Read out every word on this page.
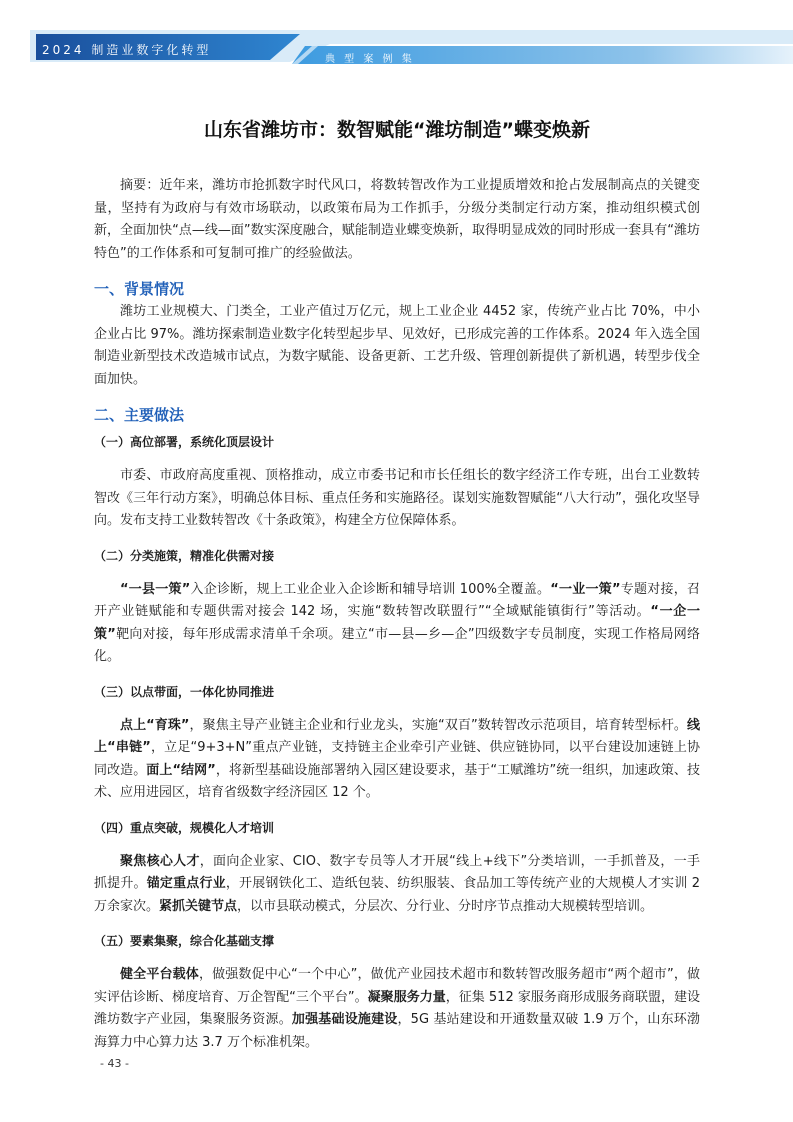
2024 制造业数字化转型
典 型 案 例 集
山东省潍坊市：数智赋能“潍坊制造”蝶变焕新

摘要：近年来，潍坊市抢抓数字时代风口，将数转智改作为工业提质增效和抢占发展制高点的关键变量，坚持有为政府与有效市场联动，以政策布局为工作抓手，分级分类制定行动方案，推动组织模式创新，全面加快“点—线—面”数实深度融合，赋能制造业蝶变焕新，取得明显成效的同时形成一套具有“潍坊特色”的工作体系和可复制可推广的经验做法。

一、背景情况

潍坊工业规模大、门类全，工业产值过万亿元，规上工业企业 4452 家，传统产业占比 70%，中小企业占比 97%。潍坊探索制造业数字化转型起步早、见效好，已形成完善的工作体系。2024 年入选全国制造业新型技术改造城市试点，为数字赋能、设备更新、工艺升级、管理创新提供了新机遇，转型步伐全面加快。

二、主要做法
（一）高位部署，系统化顶层设计

市委、市政府高度重视、顶格推动，成立市委书记和市长任组长的数字经济工作专班，出台工业数转智改《三年行动方案》，明确总体目标、重点任务和实施路径。谋划实施数智赋能“八大行动”，强化攻坚导向。发布支持工业数转智改《十条政策》，构建全方位保障体系。

（二）分类施策，精准化供需对接

“一县一策”入企诊断，规上工业企业入企诊断和辅导培训 100%全覆盖。“一业一策”专题对接，召开产业链赋能和专题供需对接会 142 场，实施“数转智改联盟行”“全域赋能镇街行”等活动。“一企一策”靶向对接，每年形成需求清单千余项。建立“市—县—乡—企”四级数字专员制度，实现工作格局网络化。

（三）以点带面，一体化协同推进

点上“育珠”，聚焦主导产业链主企业和行业龙头，实施“双百”数转智改示范项目，培育转型标杆。线上“串链”，立足“9+3+N”重点产业链，支持链主企业牵引产业链、供应链协同，以平台建设加速链上协同改造。面上“结网”，将新型基础设施部署纳入园区建设要求，基于“工赋潍坊”统一组织，加速政策、技术、应用进园区，培育省级数字经济园区 12 个。

（四）重点突破，规模化人才培训

聚焦核心人才，面向企业家、CIO、数字专员等人才开展“线上+线下”分类培训，一手抓普及，一手抓提升。锚定重点行业，开展钢铁化工、造纸包装、纺织服装、食品加工等传统产业的大规模人才实训 2 万余家次。紧抓关键节点，以市县联动模式，分层次、分行业、分时序节点推动大规模转型培训。

（五）要素集聚，综合化基础支撑

健全平台载体，做强数促中心“一个中心”，做优产业园技术超市和数转智改服务超市“两个超市”，做实评估诊断、梯度培育、万企智配“三个平台”。凝聚服务力量，征集 512 家服务商形成服务商联盟，建设潍坊数字产业园，集聚服务资源。加强基础设施建设，5G 基站建设和开通数量双破 1.9 万个，山东环渤海算力中心算力达 3.7 万个标准机架。

- 43 -
